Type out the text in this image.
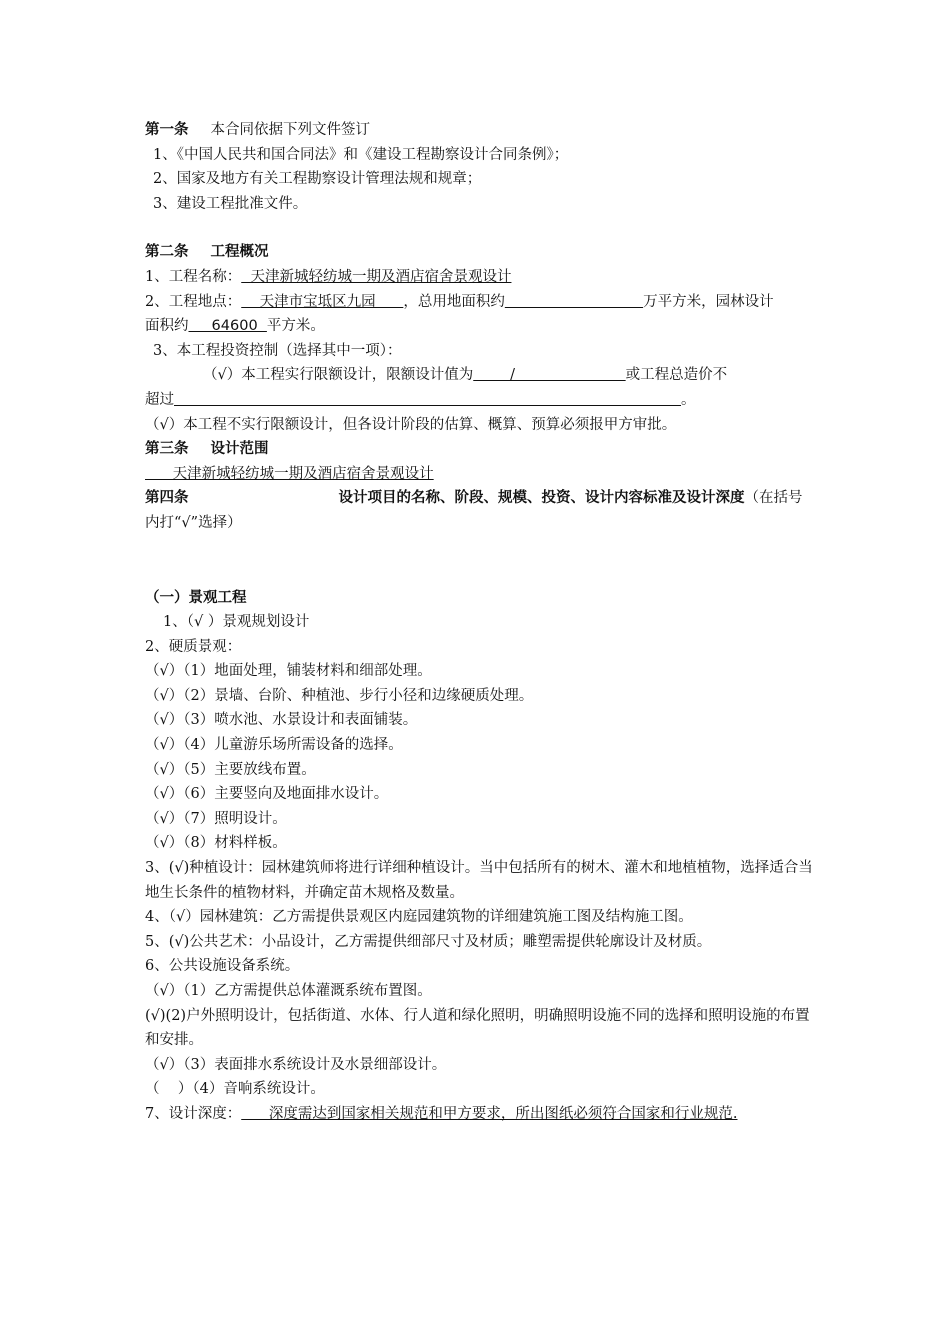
第一条 本合同依据下列文件签订

1、《中国人民共和国合同法》和《建设工程勘察设计合同条例》；

2、国家及地方有关工程勘察设计管理法规和规章；

3、建设工程批准文件。

第二条 工程概况

1、工程名称：  天津新城轻纺城一期及酒店宿舍景观设计

2、工程地点：    天津市宝坻区九园      ，总用地面积约	万平方米，园林设计

面积约     64600  平方米。

3、本工程投资控制（选择其中一项）：

（√）本工程实行限额设计，限额设计值为        /                        或工程总造价不

超过	。

（√）本工程不实行限额设计，但各设计阶段的估算、概算、预算必须报甲方审批。

第三条 设计范围

天津新城轻纺城一期及酒店宿舍景观设计

第四条	设计项目的名称、阶段、规模、投资、设计内容标准及设计深度（在括号
内打“√”选择）

（一）景观工程

1、（√ ）景观规划设计

2、硬质景观：

（√）（1）地面处理，铺装材料和细部处理。

（√）（2）景墙、台阶、种植池、步行小径和边缘硬质处理。

（√）（3）喷水池、水景设计和表面铺装。

（√）（4）儿童游乐场所需设备的选择。

（√）（5）主要放线布置。

（√）（6）主要竖向及地面排水设计。

（√）（7）照明设计。

（√）（8）材料样板。

3、(√)种植设计：园林建筑师将进行详细种植设计。当中包括所有的树木、灌木和地植植物，选择适合当地生长条件的植物材料，并确定苗木规格及数量。

4、（√）园林建筑：乙方需提供景观区内庭园建筑物的详细建筑施工图及结构施工图。

5、(√)公共艺术：小品设计，乙方需提供细部尺寸及材质；雕塑需提供轮廓设计及材质。

6、公共设施设备系统。

（√）（1）乙方需提供总体灌溉系统布置图。

(√)(2)户外照明设计，包括街道、水体、行人道和绿化照明，明确照明设施不同的选择和照明设施的布置和安排。

（√）（3）表面排水系统设计及水景细部设计。

（    ）（4）音响系统设计。

7、设计深度：      深度需达到国家相关规范和甲方要求，所出图纸必须符合国家和行业规范.
